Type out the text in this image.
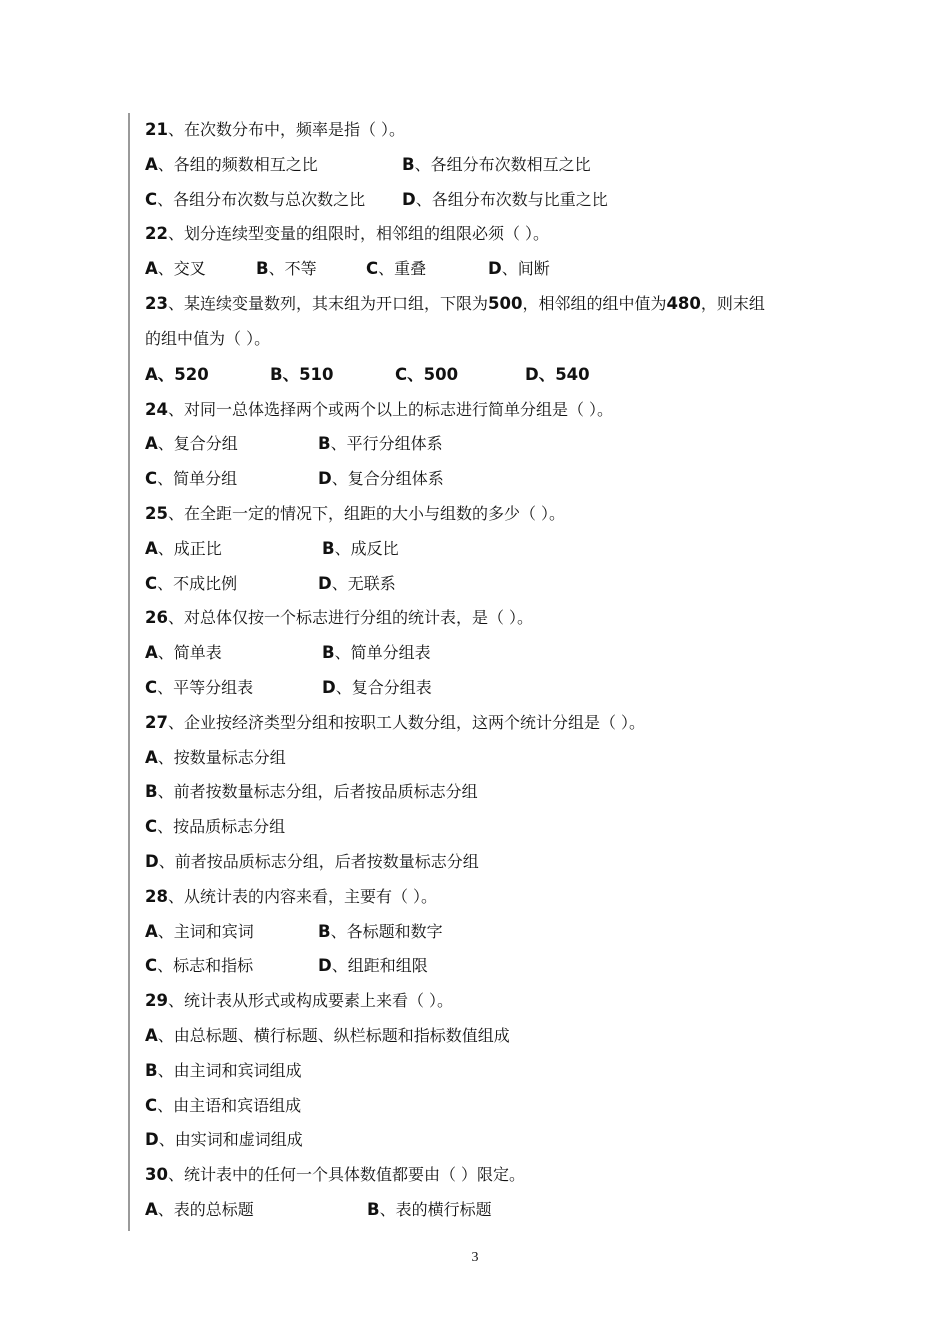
21、在次数分布中，频率是指（ ）。
A、各组的频数相互之比	B、各组分布次数相互之比
C、各组分布次数与总次数之比 D、各组分布次数与比重之比
22、划分连续型变量的组限时，相邻组的组限必须（ ）。
A、交叉	B、不等	C、重叠	D、间断
23、某连续变量数列，其末组为开口组，下限为500，相邻组的组中值为480，则末组
的组中值为（ ）。
A、520	B、510	C、500	D、540
24、对同一总体选择两个或两个以上的标志进行简单分组是（ ）。
A、复合分组	B、平行分组体系
C、简单分组	D、复合分组体系
25、在全距一定的情况下，组距的大小与组数的多少（ ）。
A、成正比	B、成反比
C、不成比例	D、无联系
26、对总体仅按一个标志进行分组的统计表，是（ ）。
A、简单表	B、简单分组表
C、平等分组表	D、复合分组表
27、企业按经济类型分组和按职工人数分组，这两个统计分组是（ ）。
A、按数量标志分组
B、前者按数量标志分组，后者按品质标志分组
C、按品质标志分组
D、前者按品质标志分组，后者按数量标志分组
28、从统计表的内容来看，主要有（ ）。
A、主词和宾词	B、各标题和数字
C、标志和指标	D、组距和组限
29、统计表从形式或构成要素上来看（ ）。
A、由总标题、横行标题、纵栏标题和指标数值组成
B、由主词和宾词组成
C、由主语和宾语组成
D、由实词和虚词组成
30、统计表中的任何一个具体数值都要由（ ）限定。
A、表的总标题	B、表的横行标题
3
